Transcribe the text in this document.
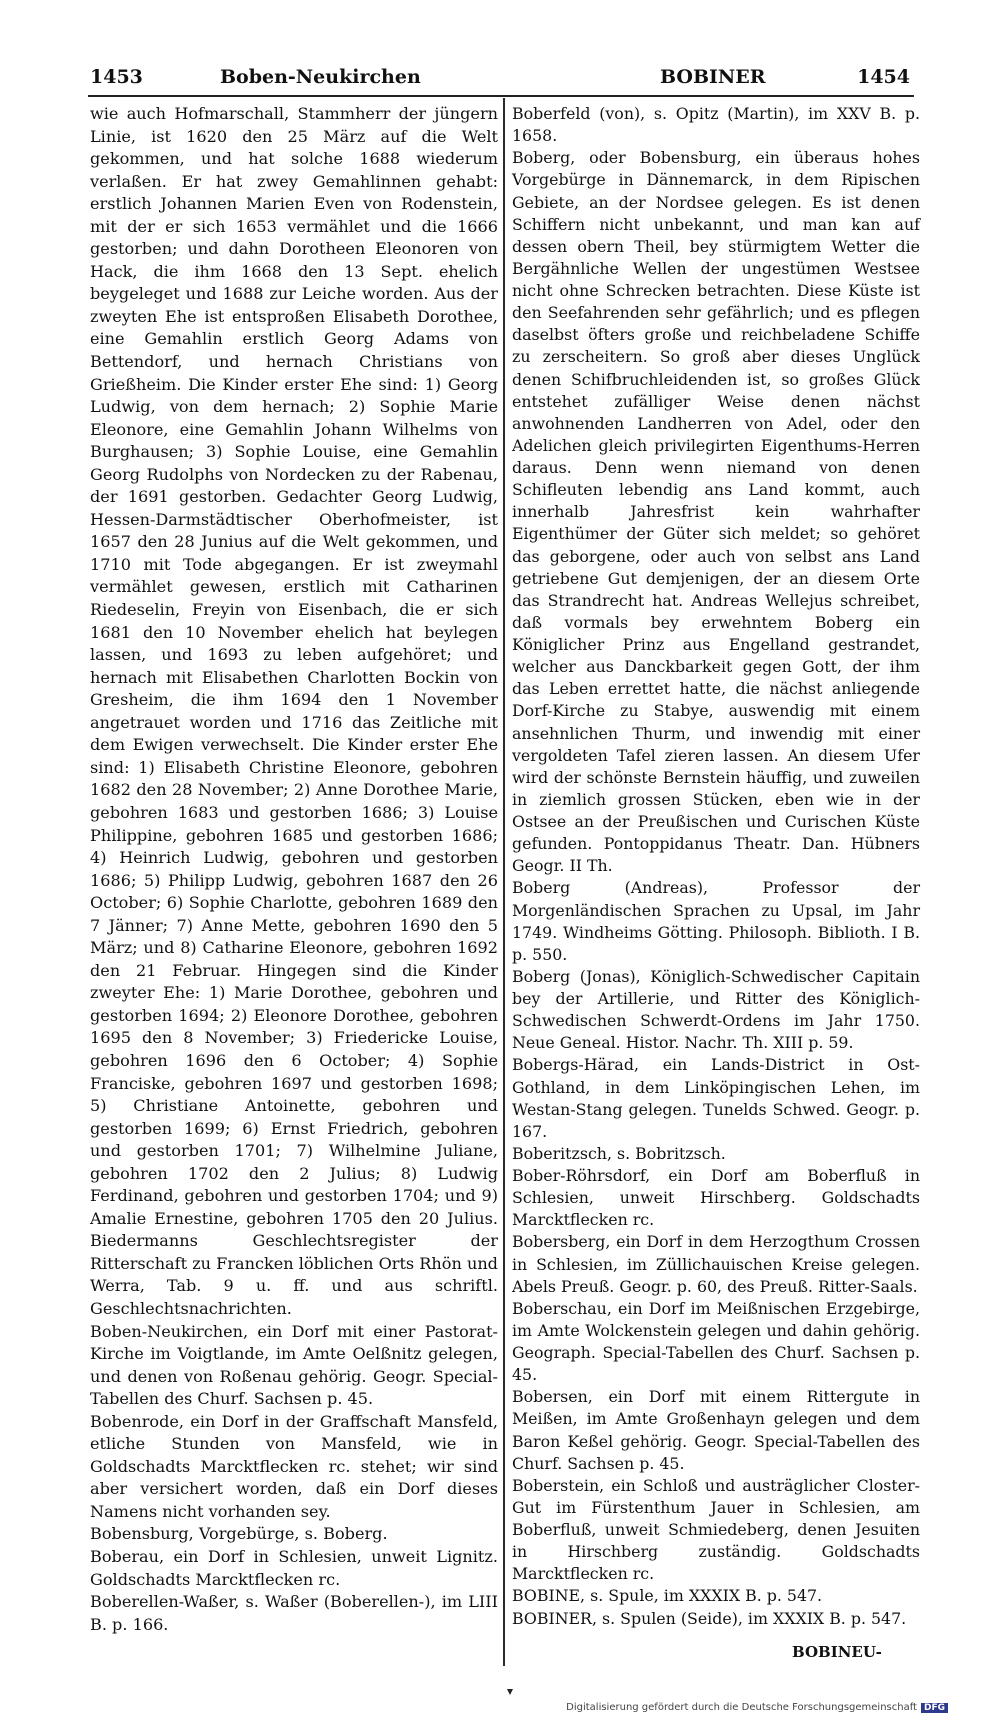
1453	Boben-Neukirchen	BOBINER	1454

wie auch Hofmarschall, Stammherr der jüngern Linie, ist 1620 den 25 März auf die Welt gekommen, und hat solche 1688 wiederum verlaßen. Er hat zwey Gemahlinnen gehabt: erstlich Johannen Marien Even von Rodenstein, mit der er sich 1653 vermählet und die 1666 gestorben; und dahn Dorotheen Eleonoren von Hack, die ihm 1668 den 13 Sept. ehelich beygeleget und 1688 zur Leiche worden. Aus der zweyten Ehe ist entsproßen Elisabeth Dorothee, eine Gemahlin erstlich Georg Adams von Bettendorf, und hernach Christians von Grießheim. Die Kinder erster Ehe sind: 1) Georg Ludwig, von dem hernach; 2) Sophie Marie Eleonore, eine Gemahlin Johann Wilhelms von Burghausen; 3) Sophie Louise, eine Gemahlin Georg Rudolphs von Nordecken zu der Rabenau, der 1691 gestorben. Gedachter Georg Ludwig, Hessen-Darmstädtischer Oberhofmeister, ist 1657 den 28 Junius auf die Welt gekommen, und 1710 mit Tode abgegangen. Er ist zweymahl vermählet gewesen, erstlich mit Catharinen Riedeselin, Freyin von Eisenbach, die er sich 1681 den 10 November ehelich hat beylegen lassen, und 1693 zu leben aufgehöret; und hernach mit Elisabethen Charlotten Bockin von Gresheim, die ihm 1694 den 1 November angetrauet worden und 1716 das Zeitliche mit dem Ewigen verwechselt. Die Kinder erster Ehe sind: 1) Elisabeth Christine Eleonore, gebohren 1682 den 28 November; 2) Anne Dorothee Marie, gebohren 1683 und gestorben 1686; 3) Louise Philippine, gebohren 1685 und gestorben 1686; 4) Heinrich Ludwig, gebohren und gestorben 1686; 5) Philipp Ludwig, gebohren 1687 den 26 October; 6) Sophie Charlotte, gebohren 1689 den 7 Jänner; 7) Anne Mette, gebohren 1690 den 5 März; und 8) Catharine Eleonore, gebohren 1692 den 21 Februar. Hingegen sind die Kinder zweyter Ehe: 1) Marie Dorothee, gebohren und gestorben 1694; 2) Eleonore Dorothee, gebohren 1695 den 8 November; 3) Friedericke Louise, gebohren 1696 den 6 October; 4) Sophie Franciske, gebohren 1697 und gestorben 1698; 5) Christiane Antoinette, gebohren und gestorben 1699; 6) Ernst Friedrich, gebohren und gestorben 1701; 7) Wilhelmine Juliane, gebohren 1702 den 2 Julius; 8) Ludwig Ferdinand, gebohren und gestorben 1704; und 9) Amalie Ernestine, gebohren 1705 den 20 Julius. Biedermanns Geschlechtsregister der Ritterschaft zu Francken löblichen Orts Rhön und Werra, Tab. 9 u. ff. und aus schriftl. Geschlechtsnachrichten.

Boben-Neukirchen, ein Dorf mit einer Pastorat-Kirche im Voigtlande, im Amte Oelßnitz gelegen, und denen von Roßenau gehörig. Geogr. Special-Tabellen des Churf. Sachsen p. 45.

Bobenrode, ein Dorf in der Graffschaft Mansfeld, etliche Stunden von Mansfeld, wie in Goldschadts Marcktflecken rc. stehet; wir sind aber versichert worden, daß ein Dorf dieses Namens nicht vorhanden sey.

Bobensburg, Vorgebürge, s. Boberg.

Boberau, ein Dorf in Schlesien, unweit Lignitz. Goldschadts Marcktflecken rc.

Boberellen-Waßer, s. Waßer (Boberellen-), im LIII B. p. 166.

Boberfeld (von), s. Opitz (Martin), im XXV B. p. 1658.

Boberg, oder Bobensburg, ein überaus hohes Vorgebürge in Dännemarck, in dem Ripischen Gebiete, an der Nordsee gelegen. Es ist denen Schiffern nicht unbekannt, und man kan auf dessen obern Theil, bey stürmigtem Wetter die Bergähnliche Wellen der ungestümen Westsee nicht ohne Schrecken betrachten. Diese Küste ist den Seefahrenden sehr gefährlich; und es pflegen daselbst öfters große und reichbeladene Schiffe zu zerscheitern. So groß aber dieses Unglück denen Schifbruchleidenden ist, so großes Glück entstehet zufälliger Weise denen nächst anwohnenden Landherren von Adel, oder den Adelichen gleich privilegirten Eigenthums-Herren daraus. Denn wenn niemand von denen Schifleuten lebendig ans Land kommt, auch innerhalb Jahresfrist kein wahrhafter Eigenthümer der Güter sich meldet; so gehöret das geborgene, oder auch von selbst ans Land getriebene Gut demjenigen, der an diesem Orte das Strandrecht hat. Andreas Wellejus schreibet, daß vormals bey erwehntem Boberg ein Königlicher Prinz aus Engelland gestrandet, welcher aus Danckbarkeit gegen Gott, der ihm das Leben errettet hatte, die nächst anliegende Dorf-Kirche zu Stabye, auswendig mit einem ansehnlichen Thurm, und inwendig mit einer vergoldeten Tafel zieren lassen. An diesem Ufer wird der schönste Bernstein häuffig, und zuweilen in ziemlich grossen Stücken, eben wie in der Ostsee an der Preußischen und Curischen Küste gefunden. Pontoppidanus Theatr. Dan. Hübners Geogr. II Th.

Boberg (Andreas), Professor der Morgenländischen Sprachen zu Upsal, im Jahr 1749. Windheims Götting. Philosoph. Biblioth. I B. p. 550.

Boberg (Jonas), Königlich-Schwedischer Capitain bey der Artillerie, und Ritter des Königlich-Schwedischen Schwerdt-Ordens im Jahr 1750. Neue Geneal. Histor. Nachr. Th. XIII p. 59.

Bobergs-Härad, ein Lands-District in Ost-Gothland, in dem Linköpingischen Lehen, im Westan-Stang gelegen. Tunelds Schwed. Geogr. p. 167.

Boberitzsch, s. Bobritzsch.

Bober-Röhrsdorf, ein Dorf am Boberfluß in Schlesien, unweit Hirschberg. Goldschadts Marcktflecken rc.

Bobersberg, ein Dorf in dem Herzogthum Crossen in Schlesien, im Züllichauischen Kreise gelegen. Abels Preuß. Geogr. p. 60, des Preuß. Ritter-Saals.

Boberschau, ein Dorf im Meißnischen Erzgebirge, im Amte Wolckenstein gelegen und dahin gehörig. Geograph. Special-Tabellen des Churf. Sachsen p. 45.

Bobersen, ein Dorf mit einem Rittergute in Meißen, im Amte Großenhayn gelegen und dem Baron Keßel gehörig. Geogr. Special-Tabellen des Churf. Sachsen p. 45.

Boberstein, ein Schloß und austräglicher Closter-Gut im Fürstenthum Jauer in Schlesien, am Boberfluß, unweit Schmiedeberg, denen Jesuiten in Hirschberg zuständig. Goldschadts Marcktflecken rc.

BOBINE, s. Spule, im XXXIX B. p. 547.

BOBINER, s. Spulen (Seide), im XXXIX B. p. 547.

BOBINEU-
Digitalisierung gefördert durch die Deutsche Forschungsgemeinschaft DFG
